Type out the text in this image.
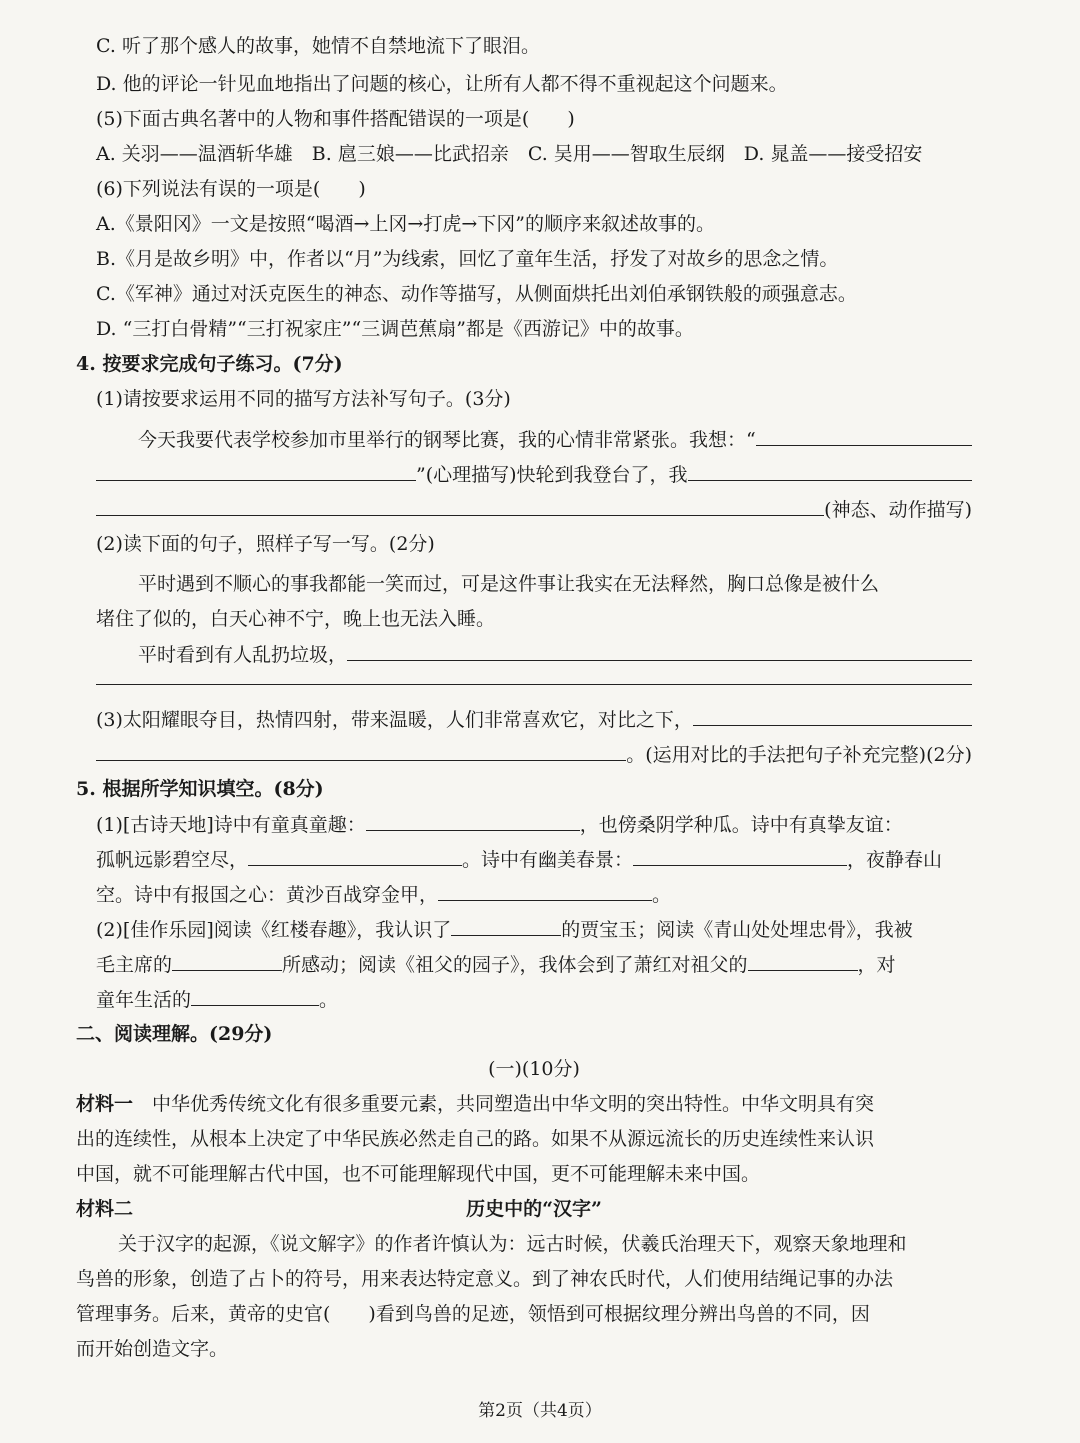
C. 听了那个感人的故事，她情不自禁地流下了眼泪。
D. 他的评论一针见血地指出了问题的核心，让所有人都不得不重视起这个问题来。
(5)下面古典名著中的人物和事件搭配错误的一项是(　　)
A. 关羽——温酒斩华雄　B. 扈三娘——比武招亲　C. 吴用——智取生辰纲　D. 晁盖——接受招安
(6)下列说法有误的一项是(　　)
A.《景阳冈》一文是按照“喝酒→上冈→打虎→下冈”的顺序来叙述故事的。
B.《月是故乡明》中，作者以“月”为线索，回忆了童年生活，抒发了对故乡的思念之情。
C.《军神》通过对沃克医生的神态、动作等描写，从侧面烘托出刘伯承钢铁般的顽强意志。
D. “三打白骨精”“三打祝家庄”“三调芭蕉扇”都是《西游记》中的故事。
4. 按要求完成句子练习。(7分)
(1)请按要求运用不同的描写方法补写句子。(3分)
今天我要代表学校参加市里举行的钢琴比赛，我的心情非常紧张。我想：“
”(心理描写)快轮到我登台了，我
(神态、动作描写)
(2)读下面的句子，照样子写一写。(2分)
平时遇到不顺心的事我都能一笑而过，可是这件事让我实在无法释然，胸口总像是被什么
堵住了似的，白天心神不宁，晚上也无法入睡。
平时看到有人乱扔垃圾，
(3)太阳耀眼夺目，热情四射，带来温暖，人们非常喜欢它，对比之下，
。(运用对比的手法把句子补充完整)(2分)
5. 根据所学知识填空。(8分)
(1)[古诗天地]诗中有童真童趣：	，也傍桑阴学种瓜。诗中有真挚友谊：
孤帆远影碧空尽，	。诗中有幽美春景：	，夜静春山
空。诗中有报国之心：黄沙百战穿金甲，	。
(2)[佳作乐园]阅读《红楼春趣》，我认识了	的贾宝玉；阅读《青山处处埋忠骨》，我被
毛主席的	所感动；阅读《祖父的园子》，我体会到了萧红对祖父的	，对
童年生活的	。
二、阅读理解。(29分)
(一)(10分)
材料一　 中华优秀传统文化有很多重要元素，共同塑造出中华文明的突出特性。中华文明具有突
出的连续性，从根本上决定了中华民族必然走自己的路。如果不从源远流长的历史连续性来认识
中国，就不可能理解古代中国，也不可能理解现代中国，更不可能理解未来中国。
材料二	历史中的“汉字”
关于汉字的起源，《说文解字》的作者许慎认为：远古时候，伏羲氏治理天下，观察天象地理和
鸟兽的形象，创造了占卜的符号，用来表达特定意义。到了神农氏时代，人们使用结绳记事的办法
管理事务。后来，黄帝的史官(　　)看到鸟兽的足迹，领悟到可根据纹理分辨出鸟兽的不同，因
而开始创造文字。
第2页（共4页）
